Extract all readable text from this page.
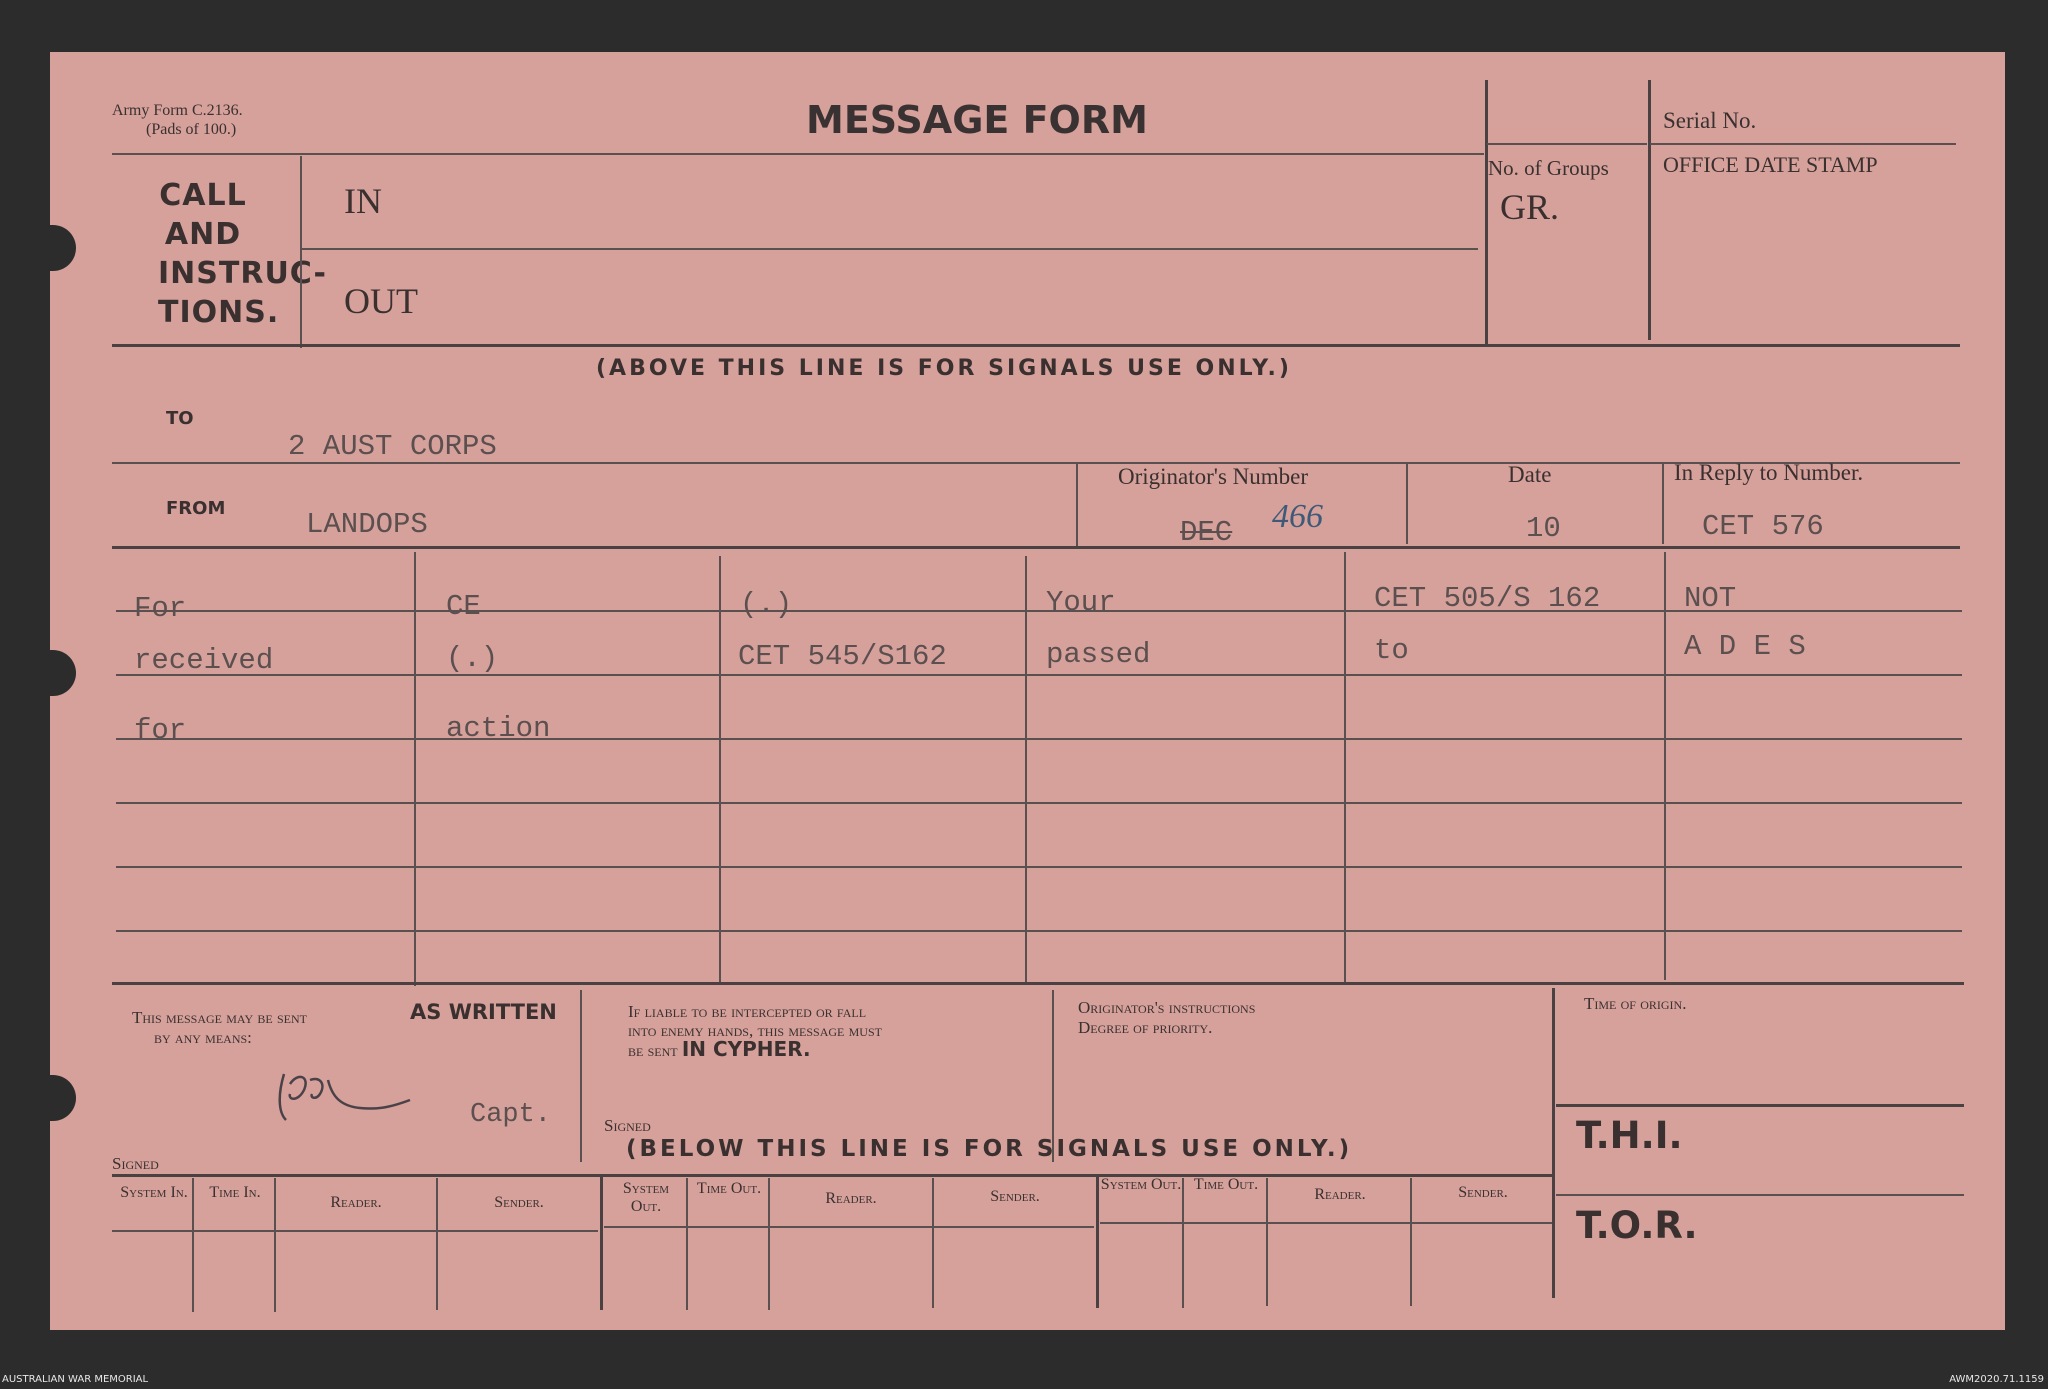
Army Form C.2136.
(Pads of 100.)	MESSAGE FORM
CALL
AND
INSTRUC-
TIONS.
IN
OUT
No. of Groups
GR.
Serial No.
OFFICE DATE STAMP
(ABOVE THIS LINE IS FOR SIGNALS USE ONLY.)
TO
2 AUST CORPS
FROM	LANDOPS
Originator's Number
DEC 466
Date
10
In Reply to Number.
CET 576
For	CE	(.)	Your	CET 505/S 162	NOT
received	(.)	CET 545/S162	passed	to	A D E S
for	action
This message may be sent	AS WRITTEN
by any means:
Capt.
Signed
If liable to be intercepted or fall
into enemy hands, this message must
be sent IN CYPHER.
Signed
Originator's instructions
Degree of priority.
Time of origin.
T.H.I.
T.O.R.
(BELOW THIS LINE IS FOR SIGNALS USE ONLY.)
System In.	Time In.
Reader.	Sender.
System Out.
Time Out.
Reader.	Sender.
System Out. Time Out.
Reader.	Sender.
AUSTRALIAN WAR MEMORIAL	AWM2020.71.1159
